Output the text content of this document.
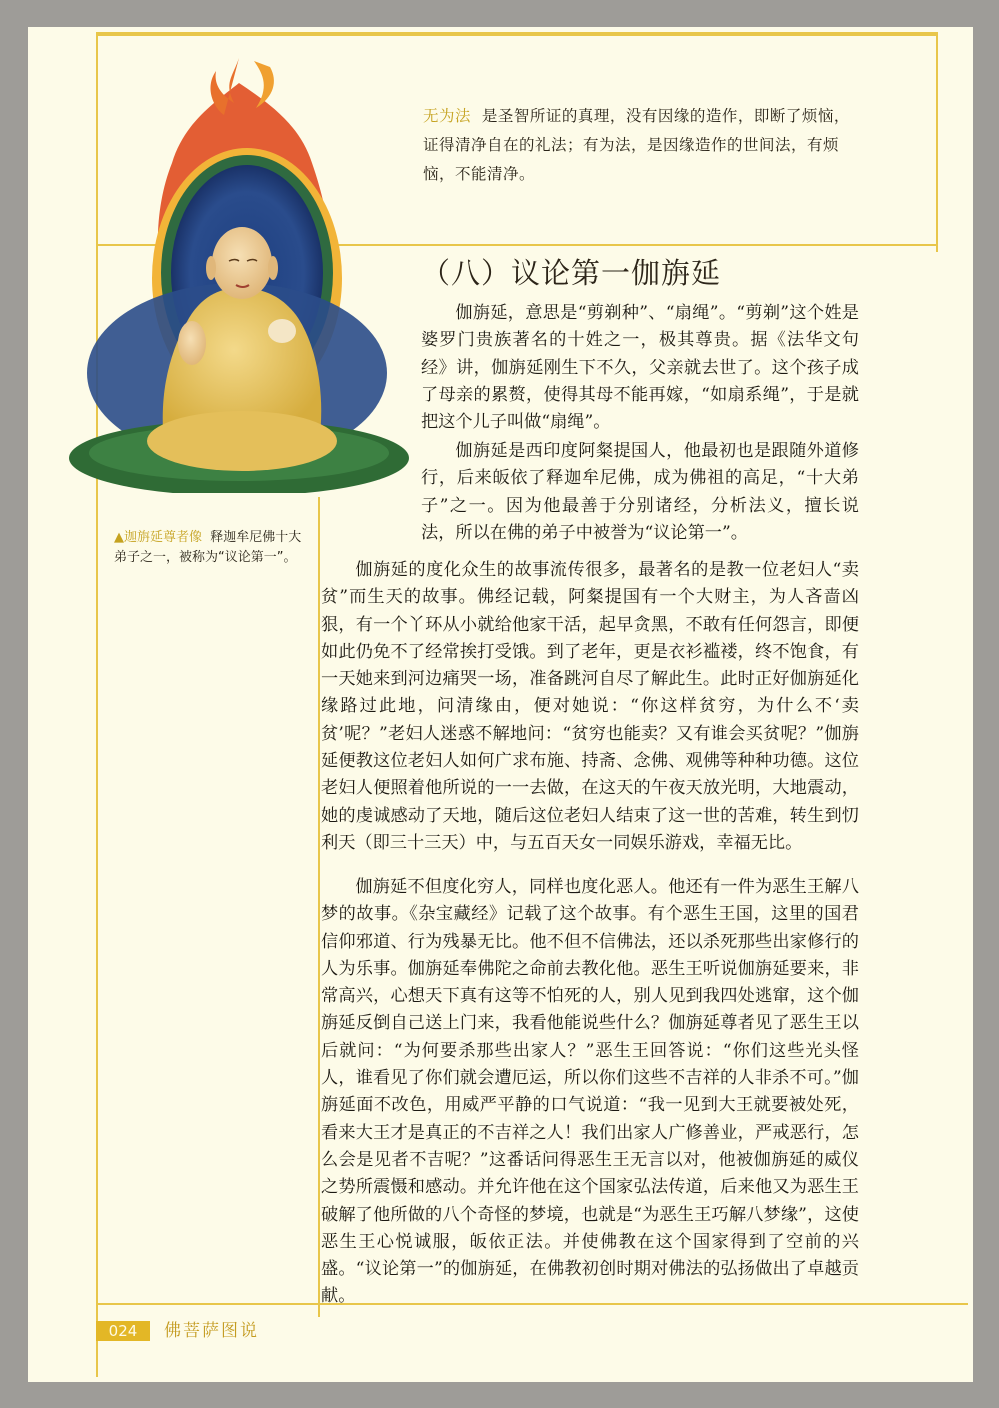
无为法 是圣智所证的真理，没有因缘的造作，即断了烦恼，证得清净自在的礼法；有为法，是因缘造作的世间法，有烦恼，不能清净。
▲迦旃延尊者像 释迦牟尼佛十大弟子之一，被称为“议论第一”。
（八）议论第一伽旃延

伽旃延，意思是“剪剃种”、“扇绳”。“剪剃”这个姓是婆罗门贵族著名的十姓之一，极其尊贵。据《法华文句经》讲，伽旃延刚生下不久，父亲就去世了。这个孩子成了母亲的累赘，使得其母不能再嫁，“如扇系绳”，于是就把这个儿子叫做“扇绳”。

伽旃延是西印度阿粲提国人，他最初也是跟随外道修行，后来皈依了释迦牟尼佛，成为佛祖的高足，“十大弟子”之一。因为他最善于分别诸经，分析法义，擅长说法，所以在佛的弟子中被誉为“议论第一”。

伽旃延的度化众生的故事流传很多，最著名的是教一位老妇人“卖贫”而生天的故事。佛经记载，阿粲提国有一个大财主，为人吝啬凶狠，有一个丫环从小就给他家干活，起早贪黑，不敢有任何怨言，即便如此仍免不了经常挨打受饿。到了老年，更是衣衫褴褛，终不饱食，有一天她来到河边痛哭一场，准备跳河自尽了解此生。此时正好伽旃延化缘路过此地，问清缘由，便对她说：“你这样贫穷，为什么不‘卖贫’呢？”老妇人迷惑不解地问：“贫穷也能卖？又有谁会买贫呢？”伽旃延便教这位老妇人如何广求布施、持斋、念佛、观佛等种种功德。这位老妇人便照着他所说的一一去做，在这天的午夜天放光明，大地震动，她的虔诚感动了天地，随后这位老妇人结束了这一世的苦难，转生到忉利天（即三十三天）中，与五百天女一同娱乐游戏，幸福无比。

伽旃延不但度化穷人，同样也度化恶人。他还有一件为恶生王解八梦的故事。《杂宝藏经》记载了这个故事。有个恶生王国，这里的国君信仰邪道、行为残暴无比。他不但不信佛法，还以杀死那些出家修行的人为乐事。伽旃延奉佛陀之命前去教化他。恶生王听说伽旃延要来，非常高兴，心想天下真有这等不怕死的人，别人见到我四处逃窜，这个伽旃延反倒自己送上门来，我看他能说些什么？伽旃延尊者见了恶生王以后就问：“为何要杀那些出家人？”恶生王回答说：“你们这些光头怪人，谁看见了你们就会遭厄运，所以你们这些不吉祥的人非杀不可。”伽旃延面不改色，用威严平静的口气说道：“我一见到大王就要被处死，看来大王才是真正的不吉祥之人！我们出家人广修善业，严戒恶行，怎么会是见者不吉呢？”这番话问得恶生王无言以对，他被伽旃延的威仪之势所震慑和感动。并允许他在这个国家弘法传道，后来他又为恶生王破解了他所做的八个奇怪的梦境，也就是“为恶生王巧解八梦缘”，这使恶生王心悦诚服，皈依正法。并使佛教在这个国家得到了空前的兴盛。“议论第一”的伽旃延，在佛教初创时期对佛法的弘扬做出了卓越贡献。

024	佛菩萨图说
